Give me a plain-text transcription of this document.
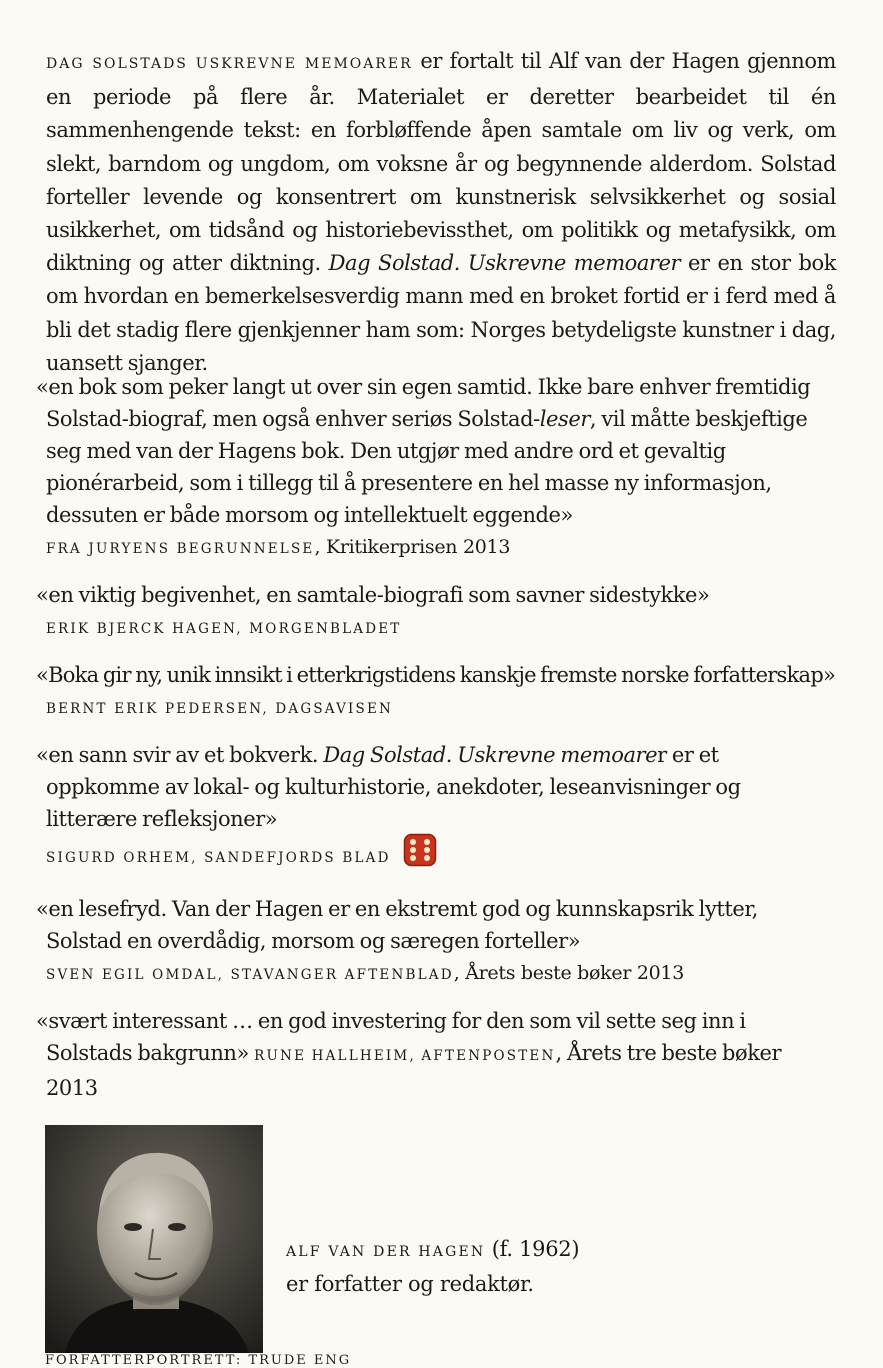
DAG SOLSTADS USKREVNE MEMOARER er fortalt til Alf van der Hagen gjennom en periode på flere år. Materialet er deretter bearbeidet til én sammenhengende tekst: en forbløffende åpen samtale om liv og verk, om slekt, barndom og ungdom, om voksne år og begynnende alderdom. Solstad forteller levende og konsentrert om kunstnerisk selvsikkerhet og sosial usikkerhet, om tidsånd og historiebevissthet, om politikk og metafysikk, om diktning og atter diktning. Dag Solstad. Uskrevne memoarer er en stor bok om hvordan en bemerkelsesverdig mann med en broket fortid er i ferd med å bli det stadig flere gjenkjenner ham som: Norges betydeligste kunstner i dag, uansett sjanger.
«en bok som peker langt ut over sin egen samtid. Ikke bare enhver fremtidig Solstad-biograf, men også enhver seriøs Solstad-leser, vil måtte beskjeftige seg med van der Hagens bok. Den utgjør med andre ord et gevaltig pionérarbeid, som i tillegg til å presentere en hel masse ny informasjon, dessuten er både morsom og intellektuelt eggende»
FRA JURYENS BEGRUNNELSE, Kritikerprisen 2013
«en viktig begivenhet, en samtale-biografi som savner sidestykke»
ERIK BJERCK HAGEN, MORGENBLADET
«Boka gir ny, unik innsikt i etterkrigstidens kanskje fremste norske forfatterskap»
BERNT ERIK PEDERSEN, DAGSAVISEN
«en sann svir av et bokverk. Dag Solstad. Uskrevne memoarer er et oppkomme av lokal- og kulturhistorie, anekdoter, leseanvisninger og litterære refleksjoner»
SIGURD ORHEM, SANDEFJORDS BLAD
«en lesefryd. Van der Hagen er en ekstremt god og kunnskapsrik lytter, Solstad en overdådig, morsom og særegen forteller»
SVEN EGIL OMDAL, STAVANGER AFTENBLAD, Årets beste bøker 2013
«svært interessant … en god investering for den som vil sette seg inn i Solstads bakgrunn» RUNE HALLHEIM, AFTENPOSTEN, Årets tre beste bøker 2013
ALF VAN DER HAGEN (f. 1962)
er forfatter og redaktør.
FORFATTERPORTRETT: TRUDE ENG
